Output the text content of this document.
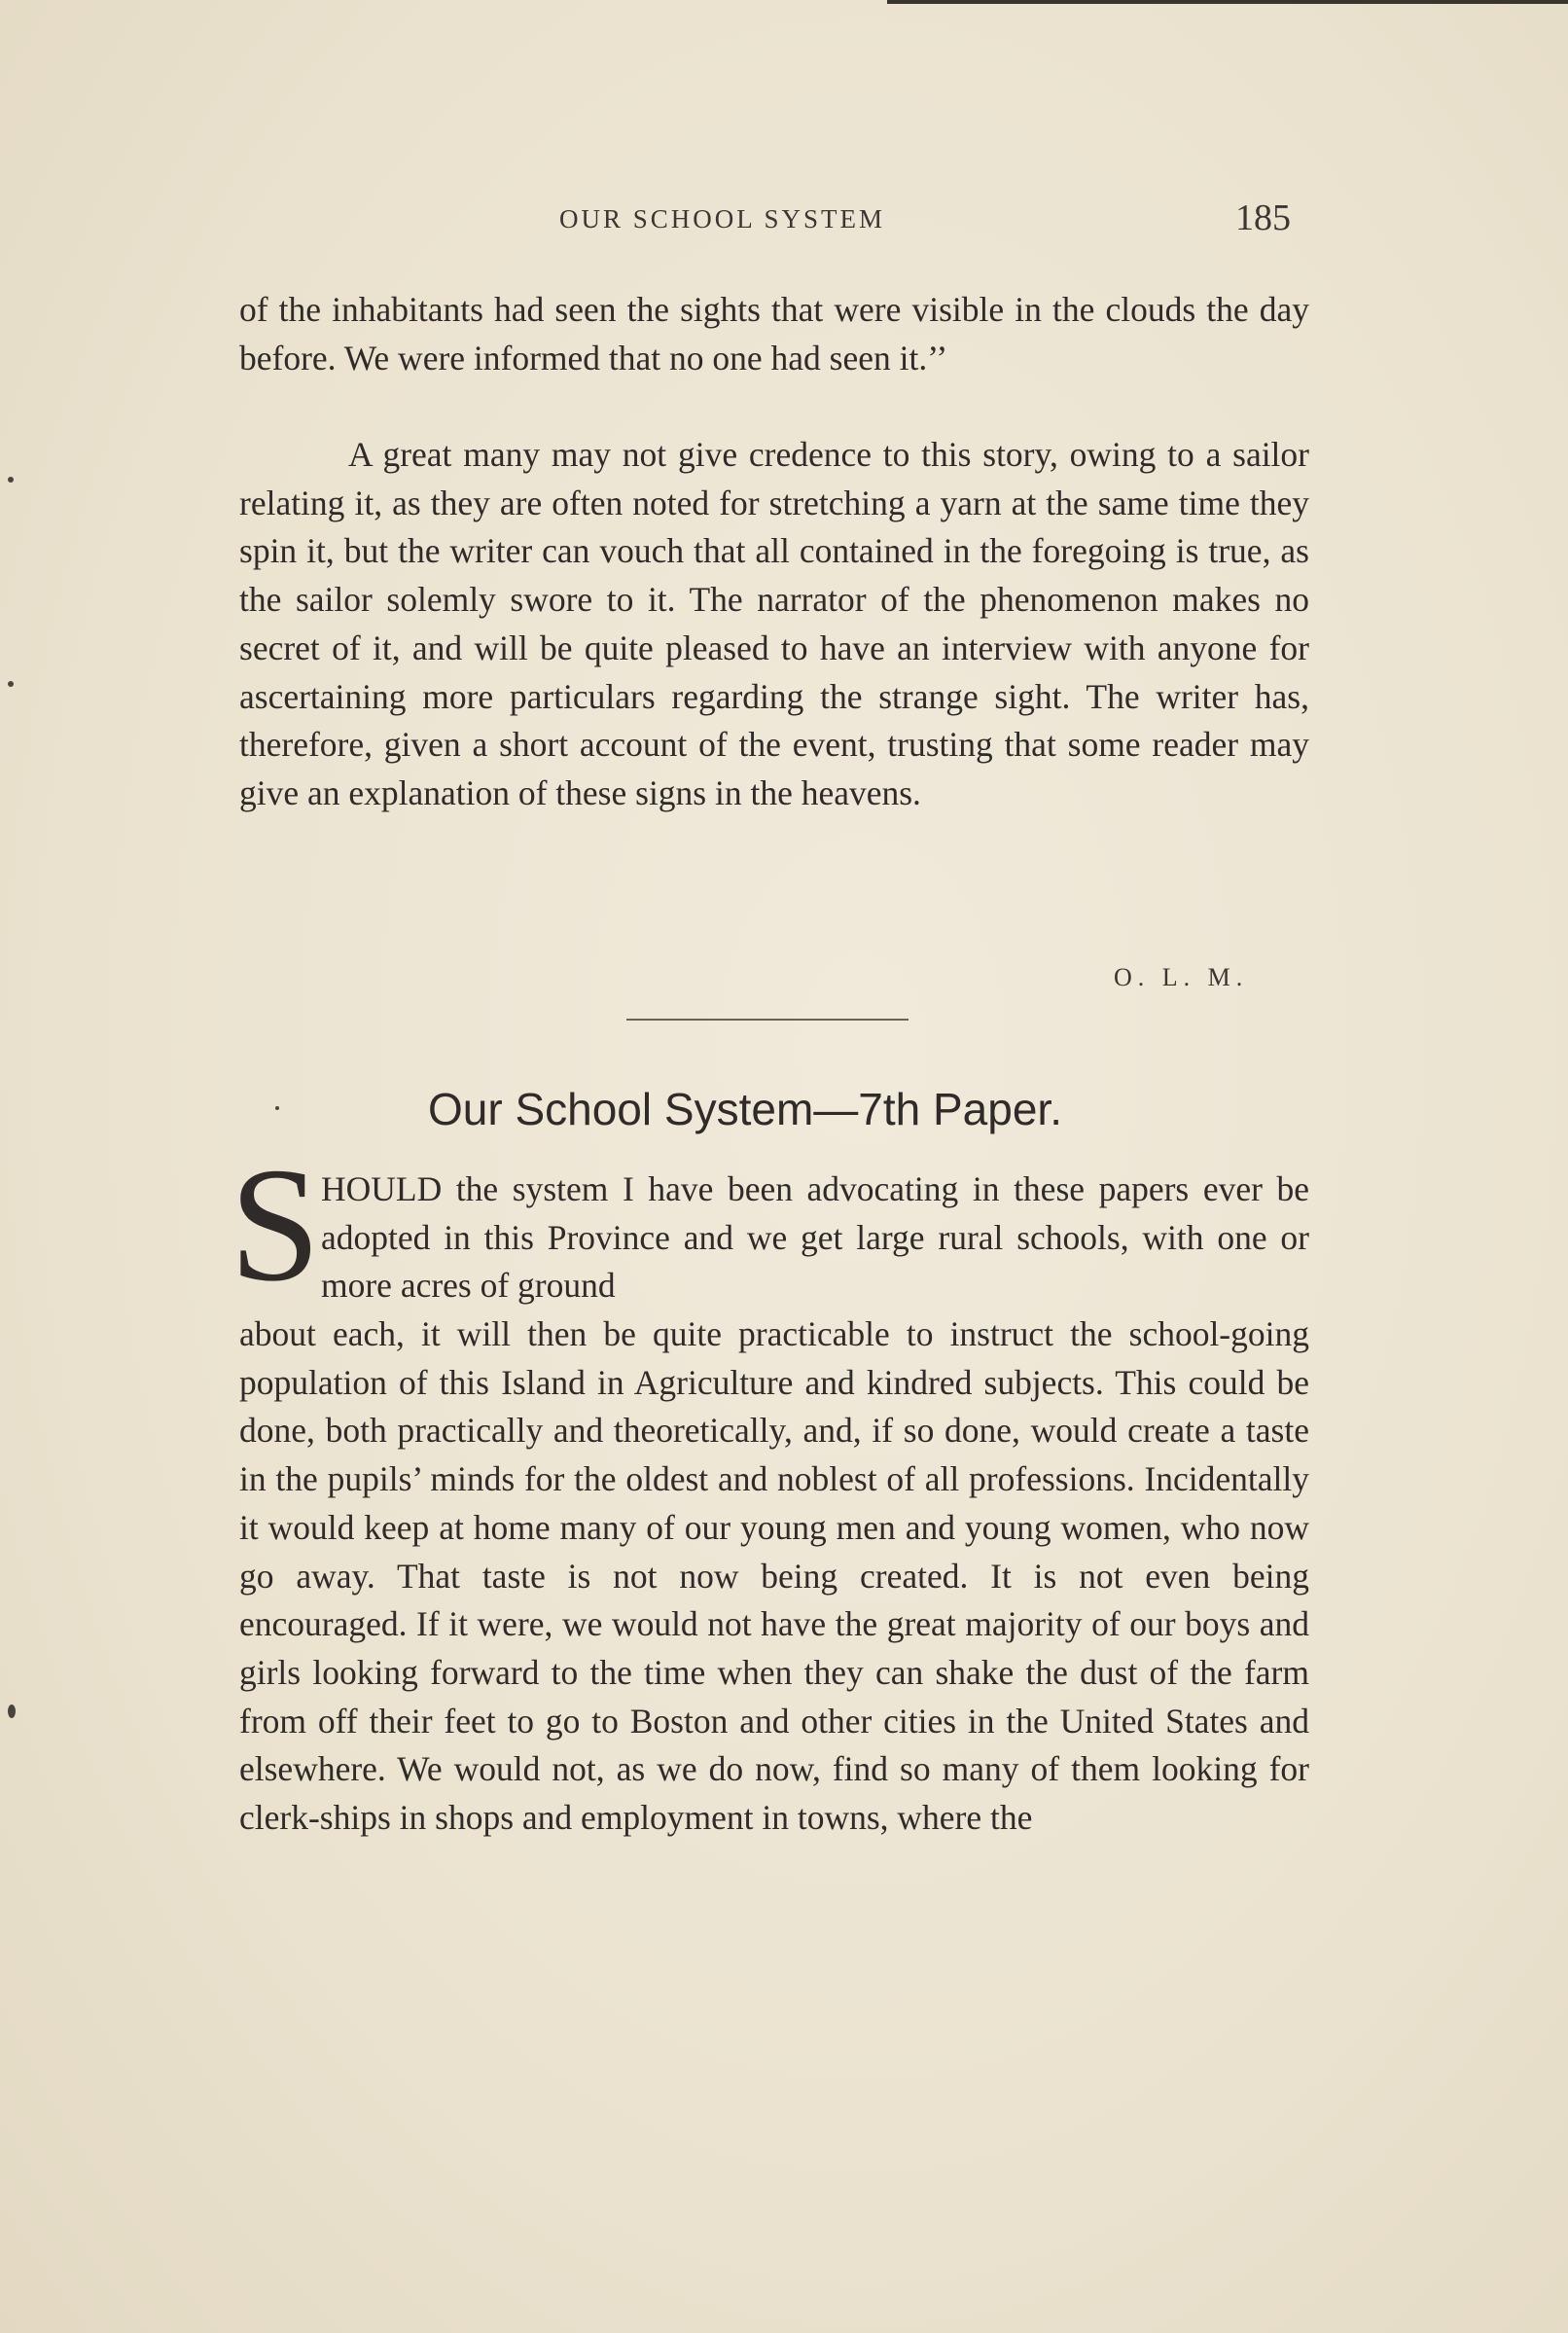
OUR SCHOOL SYSTEM	185

of the inhabitants had seen the sights that were visible in the clouds the day before. We were informed that no one had seen it.’’

A great many may not give credence to this story, owing to a sailor relating it, as they are often noted for stretching a yarn at the same time they spin it, but the writer can vouch that all contained in the foregoing is true, as the sailor solemly swore to it. The narrator of the phenomenon makes no secret of it, and will be quite pleased to have an interview with anyone for ascertaining more particulars regarding the strange sight. The writer has, therefore, given a short account of the event, trusting that some reader may give an explanation of these signs in the heavens.

O. L. M.
Our School System—7th Paper.
S HOULD the system I have been advocating in these papers ever be adopted in this Province and we get large rural schools, with one or more acres of ground

about each, it will then be quite practicable to instruct the school-going population of this Island in Agriculture and kindred subjects. This could be done, both practically and theoretically, and, if so done, would create a taste in the pupils’ minds for the oldest and noblest of all professions. Incidentally it would keep at home many of our young men and young women, who now go away. That taste is not now being created. It is not even being encouraged. If it were, we would not have the great majority of our boys and girls looking forward to the time when they can shake the dust of the farm from off their feet to go to Boston and other cities in the United States and elsewhere. We would not, as we do now, find so many of them looking for clerk-ships in shops and employment in towns, where the
